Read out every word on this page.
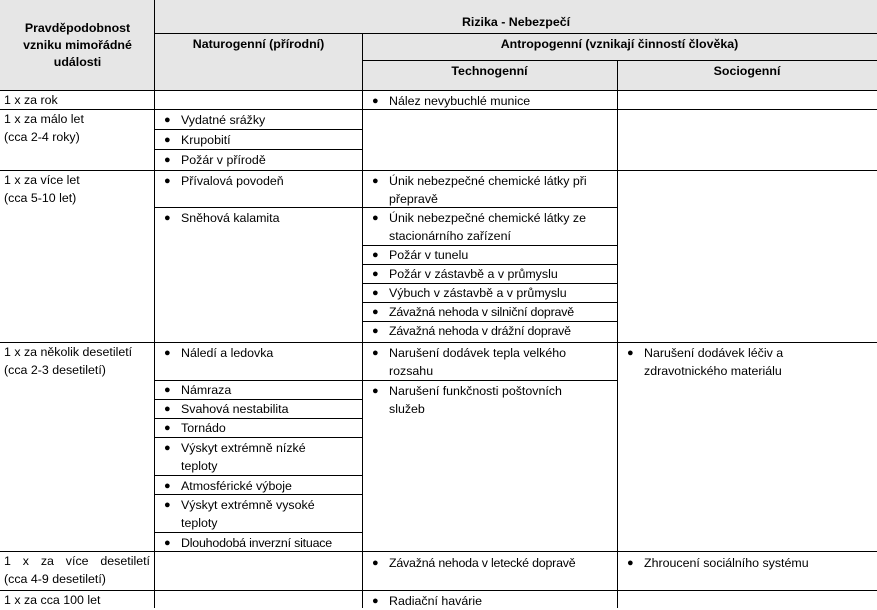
Pravděpodobnost vzniku mimořádné události
Rizika - Nebezpečí
Naturogenní (přírodní)	Antropogenní (vznikají činností člověka)
Technogenní	Sociogenní
1 x za rok
1 x za málo let
(cca 2-4 roky)
1 x za více let
(cca 5-10 let)
1 x za několik desetiletí
(cca 2-3 desetiletí)
1 x za více desetiletí
(cca 4-9 desetiletí)
1 x za cca 100 let
● Vydatné srážky
● Krupobití
● Požár v přírodě
● Přívalová povodeň
● Sněhová kalamita
● Náledí a ledovka
● Námraza
● Svahová nestabilita
● Tornádo
● Výskyt extrémně nízké teploty
● Atmosférické výboje
● Výskyt extrémně vysoké teploty
● Dlouhodobá inverzní situace
● Nález nevybuchlé munice
● Únik nebezpečné chemické látky při přepravě
● Únik nebezpečné chemické látky ze stacionárního zařízení
● Požár v tunelu
● Požár v zástavbě a v průmyslu
● Výbuch v zástavbě a v průmyslu
● Závažná nehoda v silniční dopravě
● Závažná nehoda v drážní dopravě
● Narušení dodávek tepla velkého rozsahu
● Narušení funkčnosti poštovních služeb
● Závažná nehoda v letecké dopravě
● Radiační havárie
● Narušení dodávek léčiv a zdravotnického materiálu
● Zhroucení sociálního systému
